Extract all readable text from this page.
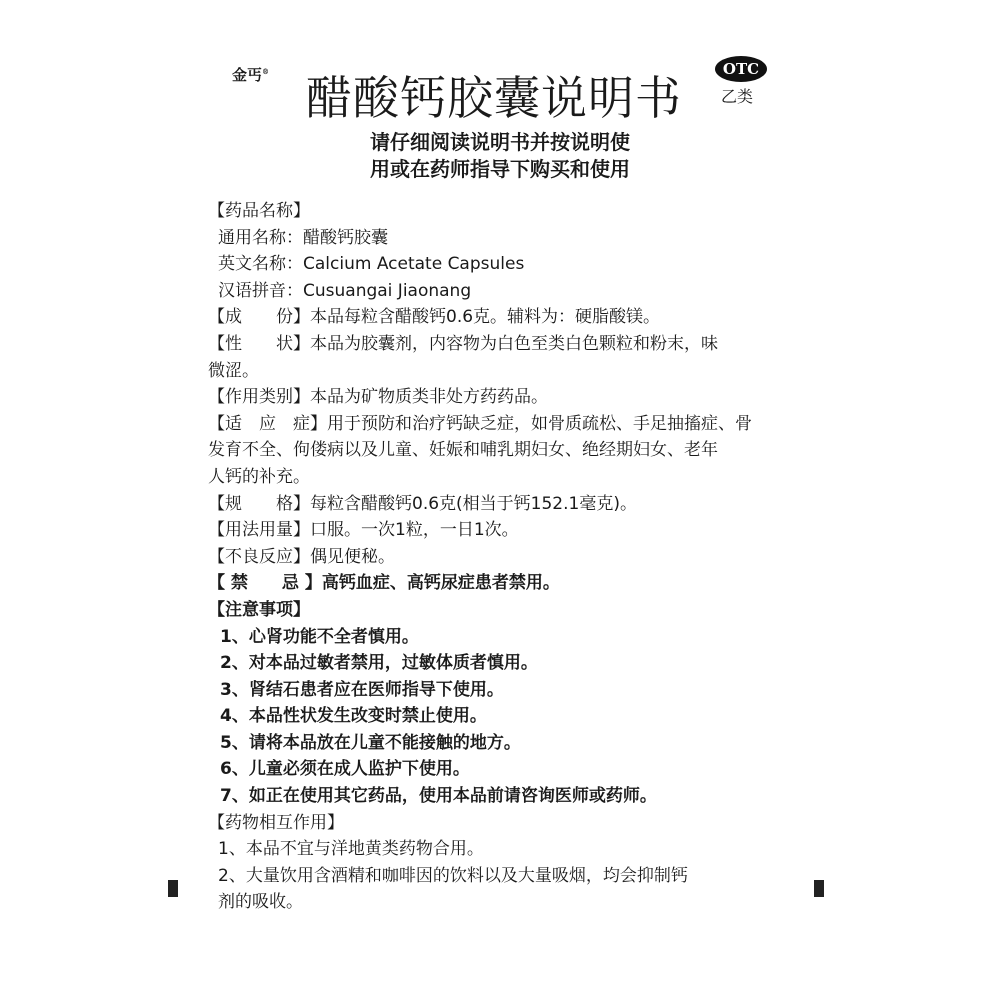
金丐® 醋酸钙胶囊说明书
OTC
乙类
请仔细阅读说明书并按说明使
用或在药师指导下购买和使用
【药品名称】
通用名称：醋酸钙胶囊
英文名称：Calcium Acetate Capsules
汉语拼音：Cusuangai Jiaonang
【成　　份】本品每粒含醋酸钙0.6克。辅料为：硬脂酸镁。
【性　　状】本品为胶囊剂，内容物为白色至类白色颗粒和粉末，味
微涩。
【作用类别】本品为矿物质类非处方药药品。
【适　应　症】用于预防和治疗钙缺乏症，如骨质疏松、手足抽搐症、骨
发育不全、佝偻病以及儿童、妊娠和哺乳期妇女、绝经期妇女、老年
人钙的补充。
【规　　格】每粒含醋酸钙0.6克(相当于钙152.1毫克)。
【用法用量】口服。一次1粒，一日1次。
【不良反应】偶见便秘。
【 禁　　忌 】高钙血症、高钙尿症患者禁用。
【注意事项】
1、心肾功能不全者慎用。
2、对本品过敏者禁用，过敏体质者慎用。
3、肾结石患者应在医师指导下使用。
4、本品性状发生改变时禁止使用。
5、请将本品放在儿童不能接触的地方。
6、儿童必须在成人监护下使用。
7、如正在使用其它药品，使用本品前请咨询医师或药师。
【药物相互作用】
1、本品不宜与洋地黄类药物合用。
2、大量饮用含酒精和咖啡因的饮料以及大量吸烟，均会抑制钙
剂的吸收。
